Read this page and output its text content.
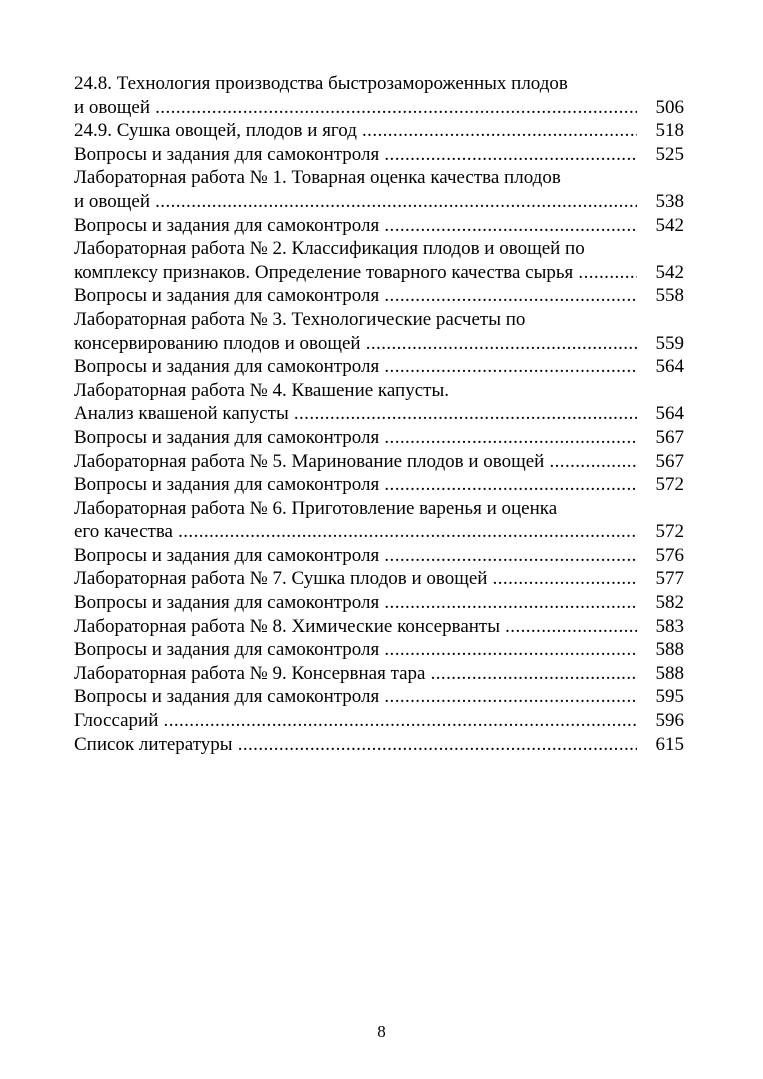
24.8. Технология производства быстрозамороженных плодов
и овощей .....	506
24.9. Сушка овощей, плодов и ягод .....	518
Вопросы и задания для самоконтроля .....	525
Лабораторная работа № 1. Товарная оценка качества плодов
и овощей .....	538
Вопросы и задания для самоконтроля .....	542
Лабораторная работа № 2. Классификация плодов и овощей по
комплексу признаков. Определение товарного качества сырья .....	542
Вопросы и задания для самоконтроля .....	558
Лабораторная работа № 3. Технологические расчеты по
консервированию плодов и овощей .....	559
Вопросы и задания для самоконтроля .....	564
Лабораторная работа № 4. Квашение капусты.
Анализ квашеной капусты .....	564
Вопросы и задания для самоконтроля .....	567
Лабораторная работа № 5. Маринование плодов и овощей .....	567
Вопросы и задания для самоконтроля .....	572
Лабораторная работа № 6. Приготовление варенья и оценка
его качества .....	572
Вопросы и задания для самоконтроля .....	576
Лабораторная работа № 7. Сушка плодов и овощей .....	577
Вопросы и задания для самоконтроля .....	582
Лабораторная работа № 8. Химические консерванты .....	583
Вопросы и задания для самоконтроля .....	588
Лабораторная работа № 9. Консервная тара .....	588
Вопросы и задания для самоконтроля .....	595
Глоссарий .....	596
Список литературы .....	615
8
